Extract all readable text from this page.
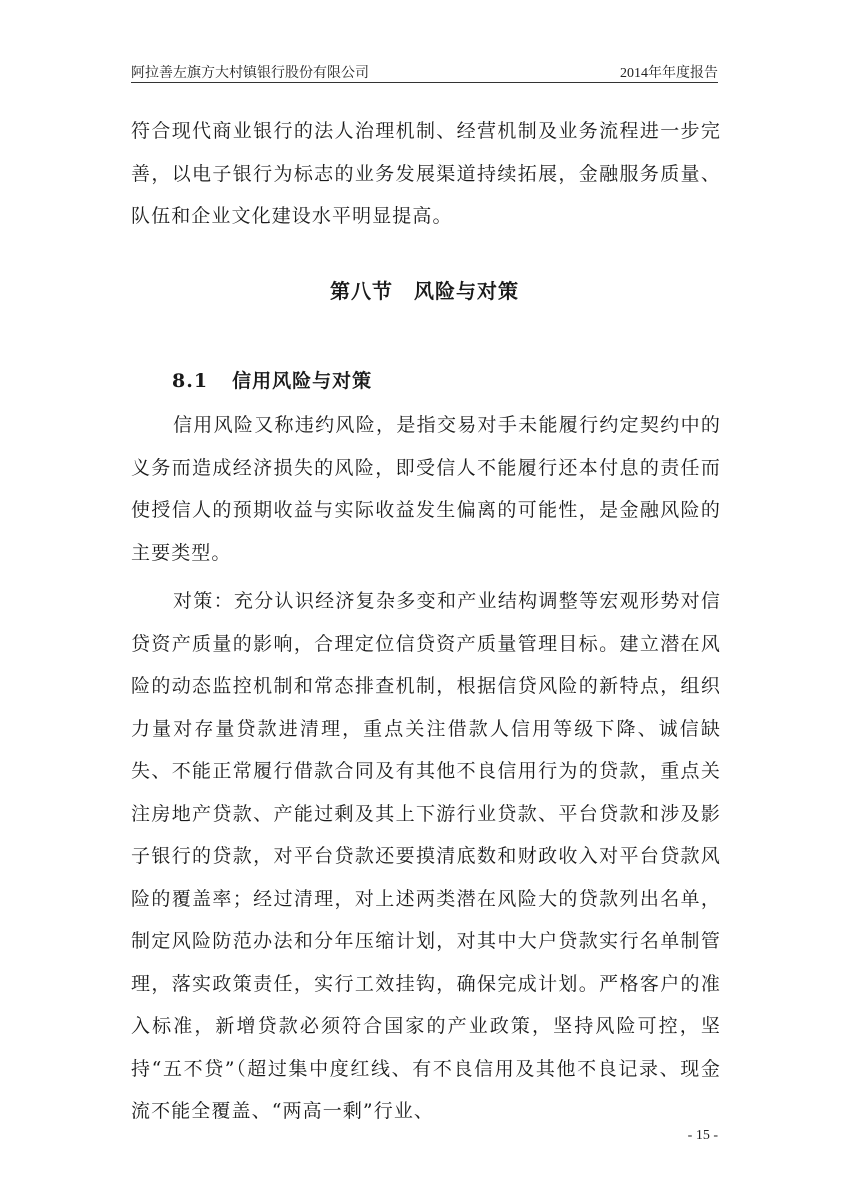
阿拉善左旗方大村镇银行股份有限公司	2014年年度报告

符合现代商业银行的法人治理机制、经营机制及业务流程进一步完善，以电子银行为标志的业务发展渠道持续拓展，金融服务质量、队伍和企业文化建设水平明显提高。

第八节　风险与对策
8.1 信用风险与对策

信用风险又称违约风险，是指交易对手未能履行约定契约中的义务而造成经济损失的风险，即受信人不能履行还本付息的责任而使授信人的预期收益与实际收益发生偏离的可能性，是金融风险的主要类型。

对策：充分认识经济复杂多变和产业结构调整等宏观形势对信贷资产质量的影响，合理定位信贷资产质量管理目标。建立潜在风险的动态监控机制和常态排查机制，根据信贷风险的新特点，组织力量对存量贷款进清理，重点关注借款人信用等级下降、诚信缺失、不能正常履行借款合同及有其他不良信用行为的贷款，重点关注房地产贷款、产能过剩及其上下游行业贷款、平台贷款和涉及影子银行的贷款，对平台贷款还要摸清底数和财政收入对平台贷款风险的覆盖率；经过清理，对上述两类潜在风险大的贷款列出名单，制定风险防范办法和分年压缩计划，对其中大户贷款实行名单制管理，落实政策责任，实行工效挂钩，确保完成计划。严格客户的准入标准，新增贷款必须符合国家的产业政策，坚持风险可控，坚持“五不贷”（超过集中度红线、有不良信用及其他不良记录、现金流不能全覆盖、“两高一剩”行业、

- 15 -
